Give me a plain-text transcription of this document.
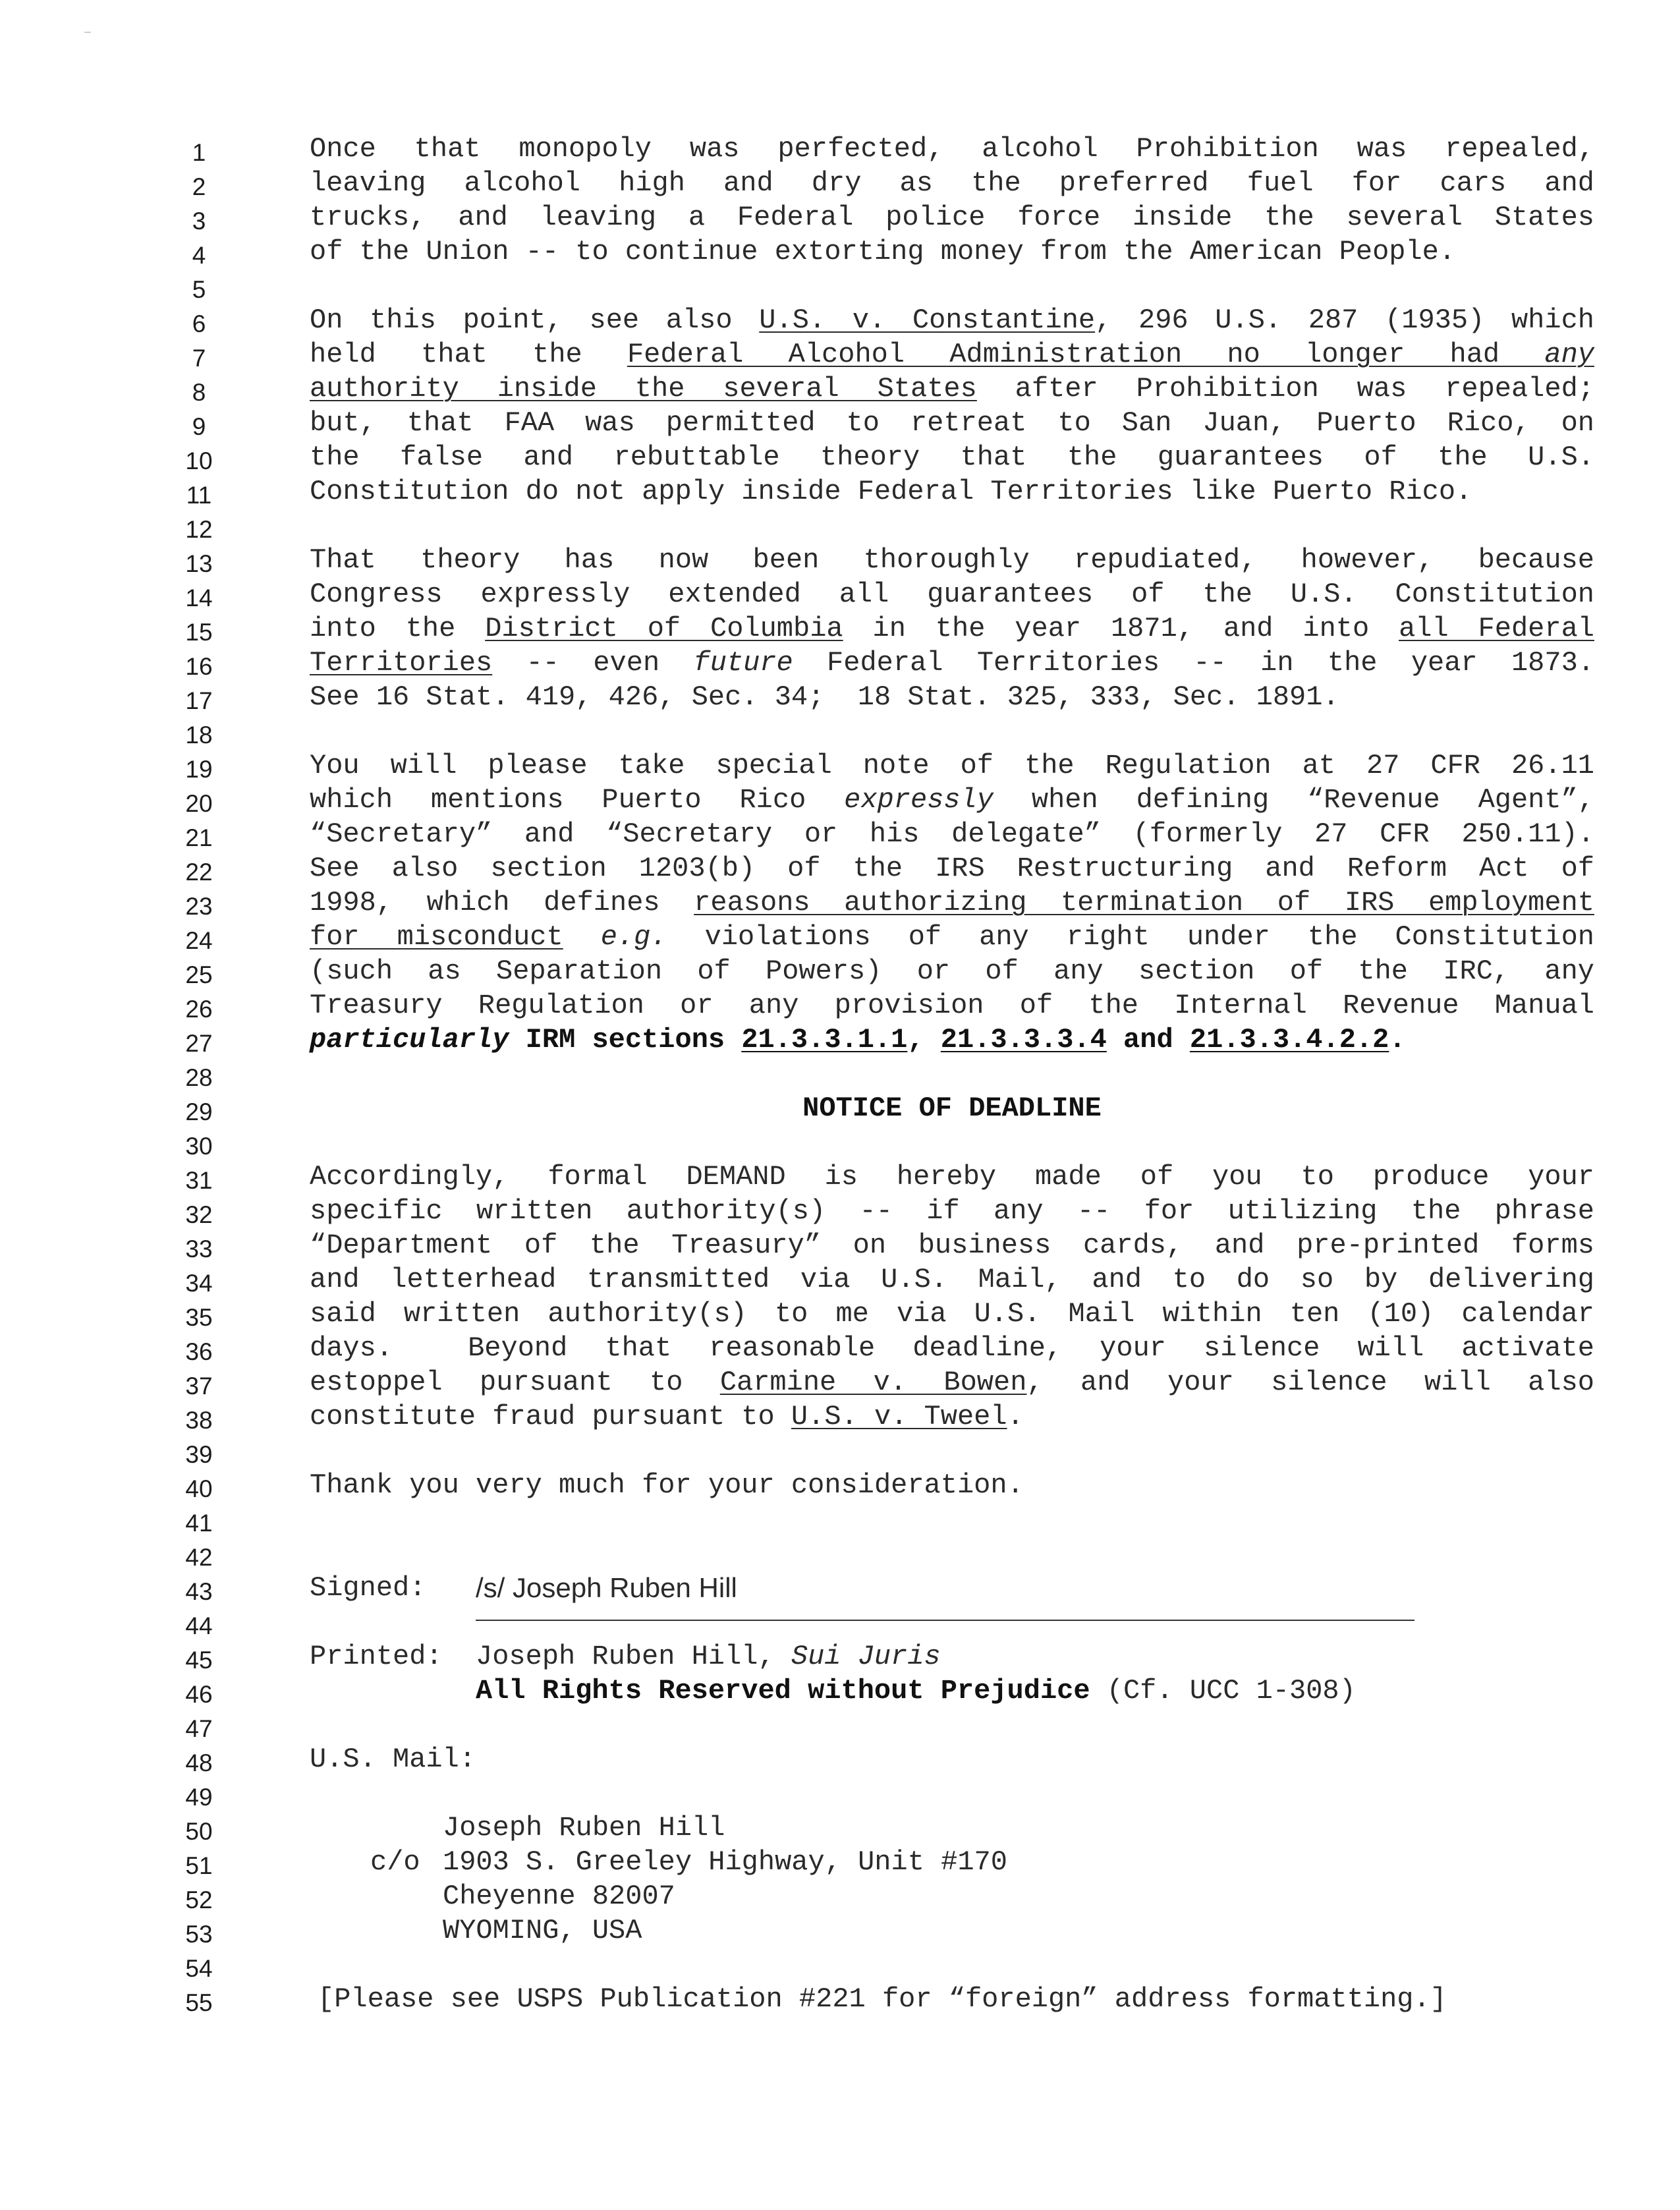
1
2
3
4
5
6
7
8
9
10
11
12
13
14
15
16
17
18
19
20
21
22
23
24
25
26
27
28
29
30
31
32
33
34
35
36
37
38
39
40
41
42
43
44
45
46
47
48
49
50
51
52
53
54
55
Once that monopoly was perfected, alcohol Prohibition was repealed,
leaving alcohol high and dry as the preferred fuel for cars and
trucks, and leaving a Federal police force inside the several States
of the Union -- to continue extorting money from the American People.
On this point, see also U.S. v. Constantine, 296 U.S. 287 (1935) which
held that the Federal Alcohol Administration no longer had any
authority inside the several States after Prohibition was repealed;
but, that FAA was permitted to retreat to San Juan, Puerto Rico, on
the false and rebuttable theory that the guarantees of the U.S.
Constitution do not apply inside Federal Territories like Puerto Rico.
That theory has now been thoroughly repudiated, however, because
Congress expressly extended all guarantees of the U.S. Constitution
into the District of Columbia in the year 1871, and into all Federal
Territories -- even future Federal Territories -- in the year 1873.
See 16 Stat. 419, 426, Sec. 34;  18 Stat. 325, 333, Sec. 1891.
You will please take special note of the Regulation at 27 CFR 26.11
which mentions Puerto Rico expressly when defining “Revenue Agent”,
“Secretary” and “Secretary or his delegate” (formerly 27 CFR 250.11).
See also section 1203(b) of the IRS Restructuring and Reform Act of
1998, which defines reasons authorizing termination of IRS employment
for misconduct e.g. violations of any right under the Constitution
(such as Separation of Powers) or of any section of the IRC, any
Treasury Regulation or any provision of the Internal Revenue Manual
particularly IRM sections 21.3.3.1.1, 21.3.3.3.4 and 21.3.3.4.2.2.
NOTICE OF DEADLINE
Accordingly, formal DEMAND is hereby made of you to produce your
specific written authority(s) -- if any -- for utilizing the phrase
“Department of the Treasury” on business cards, and pre-printed forms
and letterhead transmitted via U.S. Mail, and to do so by delivering
said written authority(s) to me via U.S. Mail within ten (10) calendar
days.  Beyond that reasonable deadline, your silence will activate
estoppel pursuant to Carmine v. Bowen, and your silence will also
constitute fraud pursuant to U.S. v. Tweel.
Thank you very much for your consideration.
Signed: /s/ Joseph Ruben Hill
Printed: Joseph Ruben Hill, Sui Juris
All Rights Reserved without Prejudice (Cf. UCC 1-308)
U.S. Mail:
Joseph Ruben Hill
c/o 1903 S. Greeley Highway, Unit #170
Cheyenne 82007
WYOMING, USA
[Please see USPS Publication #221 for “foreign” address formatting.]
